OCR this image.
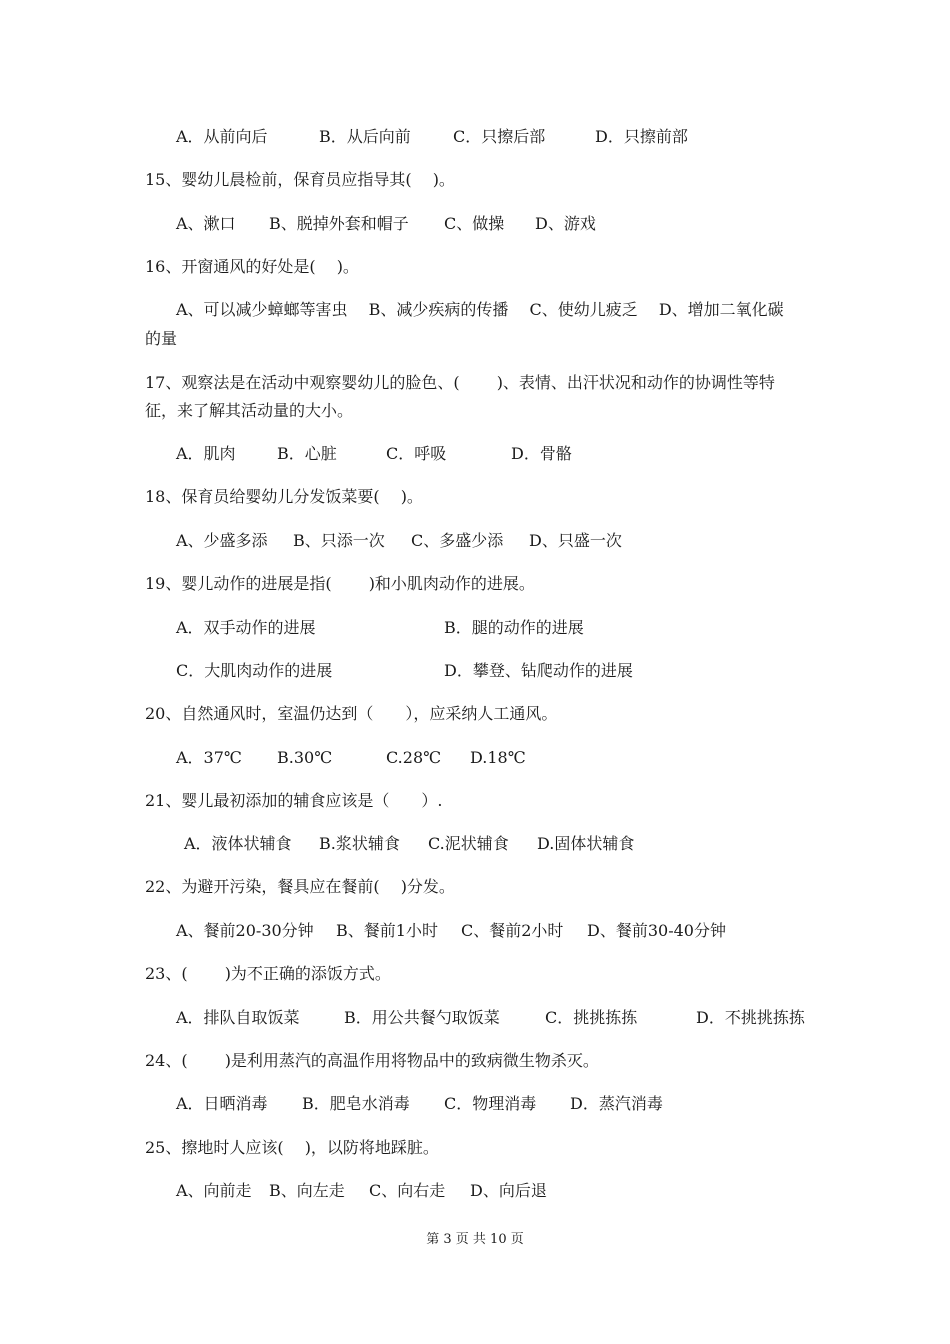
A．从前向后	B．从后向前	C．只擦后部	D．只擦前部
15、婴幼儿晨检前，保育员应指导其(　 )。
A、漱口 B、脱掉外套和帽子 C、做操 D、游戏
16、开窗通风的好处是(　 )。
A、可以减少蟑螂等害虫　 B、减少疾病的传播　 C、使幼儿疲乏　 D、增加二氧化碳
的量
17、观察法是在活动中观察婴幼儿的脸色、(　　 )、表情、出汗状况和动作的协调性等特
征，来了解其活动量的大小。
A．肌肉	B．心脏	C．呼吸	D．骨骼
18、保育员给婴幼儿分发饭菜要(　 )。
A、少盛多添 B、只添一次 C、多盛少添 D、只盛一次
19、婴儿动作的进展是指(　　 )和小肌肉动作的进展。
A．双手动作的进展	B．腿的动作的进展
C．大肌肉动作的进展	D．攀登、钻爬动作的进展
20、自然通风时，室温仍达到（　　），应采纳人工通风。
A．37℃ B.30℃	C.28℃ D.18℃
21、婴儿最初添加的辅食应该是（　　）.
A．液体状辅食 B.浆状辅食 C.泥状辅食 D.固体状辅食
22、为避开污染，餐具应在餐前(　 )分发。
A、餐前20-30分钟 B、餐前1小时 C、餐前2小时 D、餐前30-40分钟
23、(　　 )为不正确的添饭方式。
A．排队自取饭菜	B．用公共餐勺取饭菜	C．挑挑拣拣	D．不挑挑拣拣
24、(　　 )是利用蒸汽的高温作用将物品中的致病微生物杀灭。
A．日晒消毒 B．肥皂水消毒 C．物理消毒 D．蒸汽消毒
25、擦地时人应该(　 )，以防将地踩脏。
A、向前走 B、向左走 C、向右走 D、向后退
第 3 页 共 10 页
